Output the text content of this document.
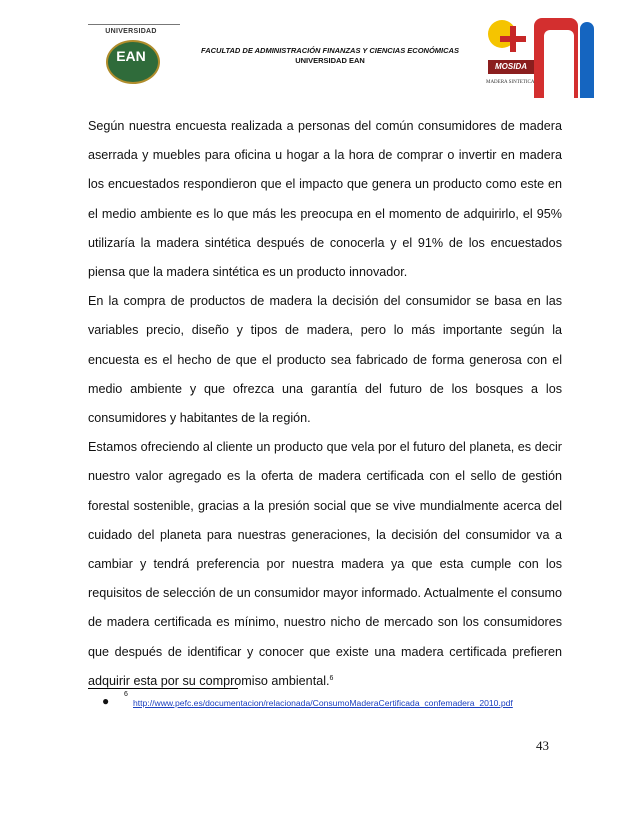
UNIVERSIDAD
EAN	FACULTAD DE ADMINISTRACIÓN FINANZAS Y CIENCIAS ECONÓMICAS
UNIVERSIDAD EAN
MOSIDA
MADERA SINTETICA

Según nuestra encuesta realizada a personas del común consumidores de madera aserrada y muebles para oficina u hogar a la hora de comprar o invertir en madera los encuestados respondieron que el impacto que genera un producto como este en el medio ambiente es lo que más les preocupa en el momento de adquirirlo, el 95% utilizaría la madera sintética después de conocerla y el 91% de los encuestados piensa que la madera sintética es un producto innovador.

En la compra de productos de madera la decisión del consumidor se basa en las variables precio, diseño y tipos de madera, pero lo más importante según la encuesta es el hecho de que el producto sea fabricado de forma generosa con el medio ambiente y que ofrezca una garantía del futuro de los bosques a los consumidores y habitantes de la región.

Estamos ofreciendo al cliente un producto que vela por el futuro del planeta, es decir nuestro valor agregado es la oferta de madera certificada con el sello de gestión forestal sostenible, gracias a la presión social que se vive mundialmente acerca del cuidado del planeta para nuestras generaciones, la decisión del consumidor va a cambiar y tendrá preferencia por nuestra madera ya que esta cumple con los requisitos de selección de un consumidor mayor informado. Actualmente el consumo de madera certificada es mínimo, nuestro nicho de mercado son los consumidores que después de identificar y conocer que existe una madera certificada prefieren adquirir esta por su compromiso ambiental.$^6$

● 6
http://www.pefc.es/documentacion/relacionada/ConsumoMaderaCertificada_confemadera_2010.pdf
43
